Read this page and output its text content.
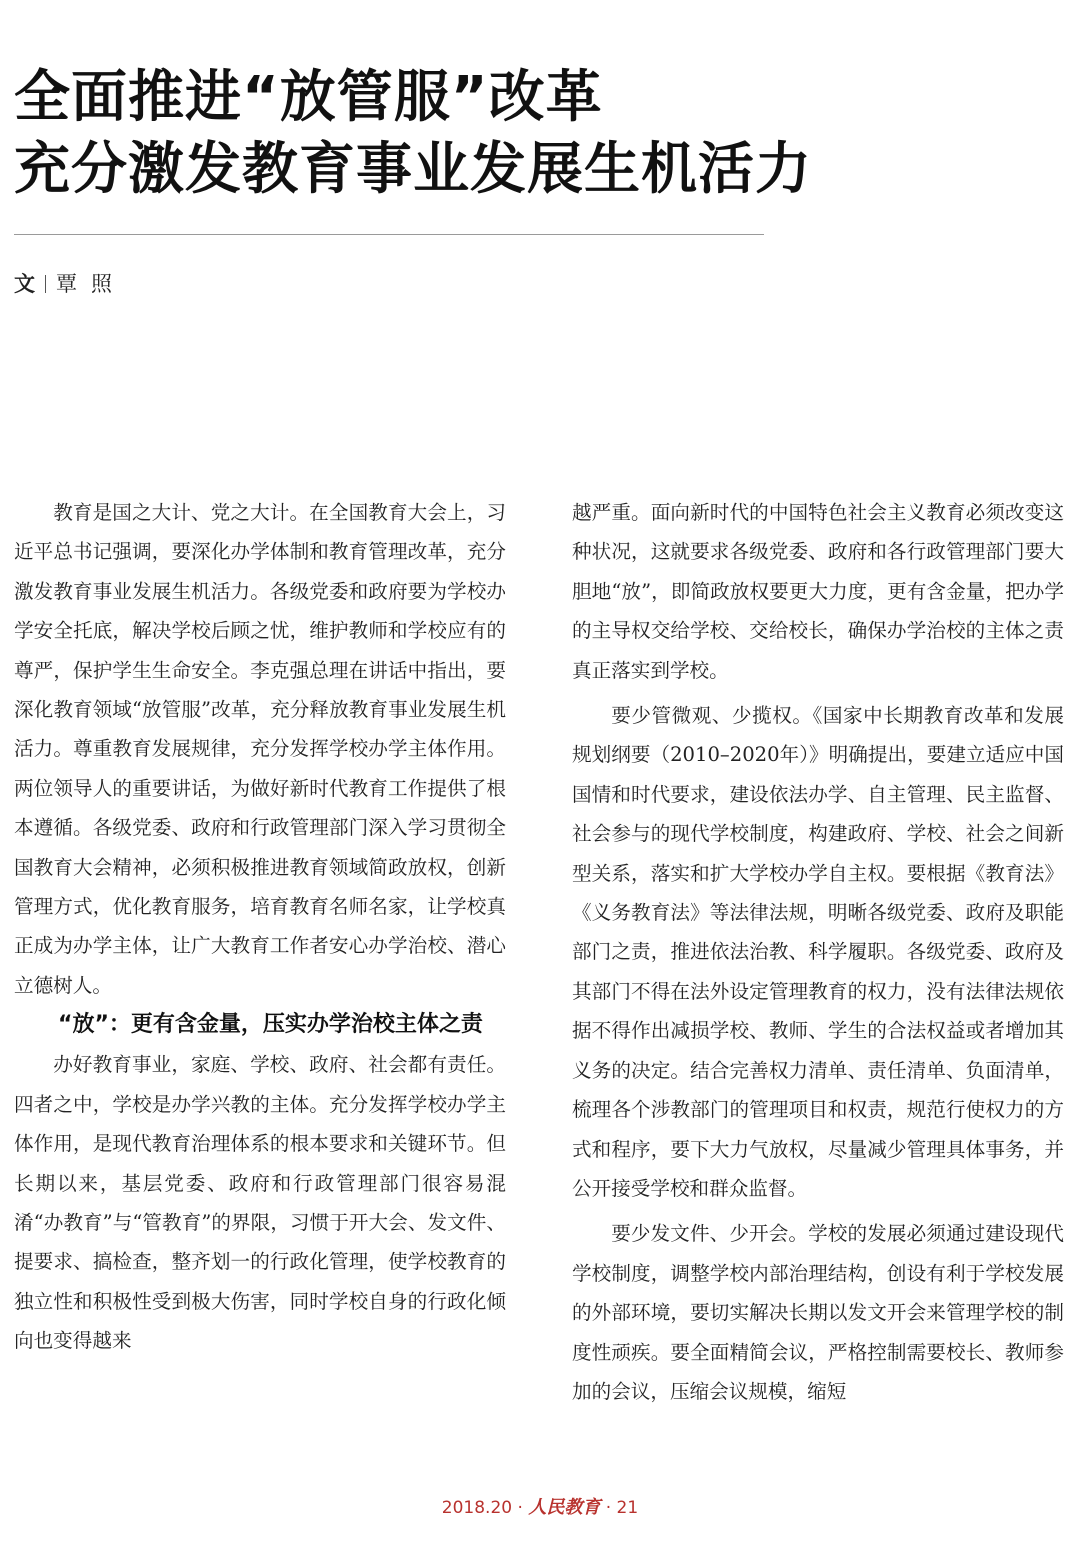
全面推进“放管服”改革
充分激发教育事业发展生机活力
文 覃照

教育是国之大计、党之大计。在全国教育大会上，习近平总书记强调，要深化办学体制和教育管理改革，充分激发教育事业发展生机活力。各级党委和政府要为学校办学安全托底，解决学校后顾之忧，维护教师和学校应有的尊严，保护学生生命安全。李克强总理在讲话中指出，要深化教育领域“放管服”改革，充分释放教育事业发展生机活力。尊重教育发展规律，充分发挥学校办学主体作用。两位领导人的重要讲话，为做好新时代教育工作提供了根本遵循。各级党委、政府和行政管理部门深入学习贯彻全国教育大会精神，必须积极推进教育领域简政放权，创新管理方式，优化教育服务，培育教育名师名家，让学校真正成为办学主体，让广大教育工作者安心办学治校、潜心立德树人。

“放”：更有含金量，压实办学治校主体之责

办好教育事业，家庭、学校、政府、社会都有责任。四者之中，学校是办学兴教的主体。充分发挥学校办学主体作用，是现代教育治理体系的根本要求和关键环节。但长期以来，基层党委、政府和行政管理部门很容易混淆“办教育”与“管教育”的界限，习惯于开大会、发文件、提要求、搞检查，整齐划一的行政化管理，使学校教育的独立性和积极性受到极大伤害，同时学校自身的行政化倾向也变得越来

越严重。面向新时代的中国特色社会主义教育必须改变这种状况，这就要求各级党委、政府和各行政管理部门要大胆地“放”，即简政放权要更大力度，更有含金量，把办学的主导权交给学校、交给校长，确保办学治校的主体之责真正落实到学校。

要少管微观、少揽权。《国家中长期教育改革和发展规划纲要（2010–2020年）》明确提出，要建立适应中国国情和时代要求，建设依法办学、自主管理、民主监督、社会参与的现代学校制度，构建政府、学校、社会之间新型关系，落实和扩大学校办学自主权。要根据《教育法》《义务教育法》等法律法规，明晰各级党委、政府及职能部门之责，推进依法治教、科学履职。各级党委、政府及其部门不得在法外设定管理教育的权力，没有法律法规依据不得作出减损学校、教师、学生的合法权益或者增加其义务的决定。结合完善权力清单、责任清单、负面清单，梳理各个涉教部门的管理项目和权责，规范行使权力的方式和程序，要下大力气放权，尽量减少管理具体事务，并公开接受学校和群众监督。

要少发文件、少开会。学校的发展必须通过建设现代学校制度，调整学校内部治理结构，创设有利于学校发展的外部环境，要切实解决长期以发文开会来管理学校的制度性顽疾。要全面精简会议，严格控制需要校长、教师参加的会议，压缩会议规模，缩短

2018.20 · 人民教育 · 21
